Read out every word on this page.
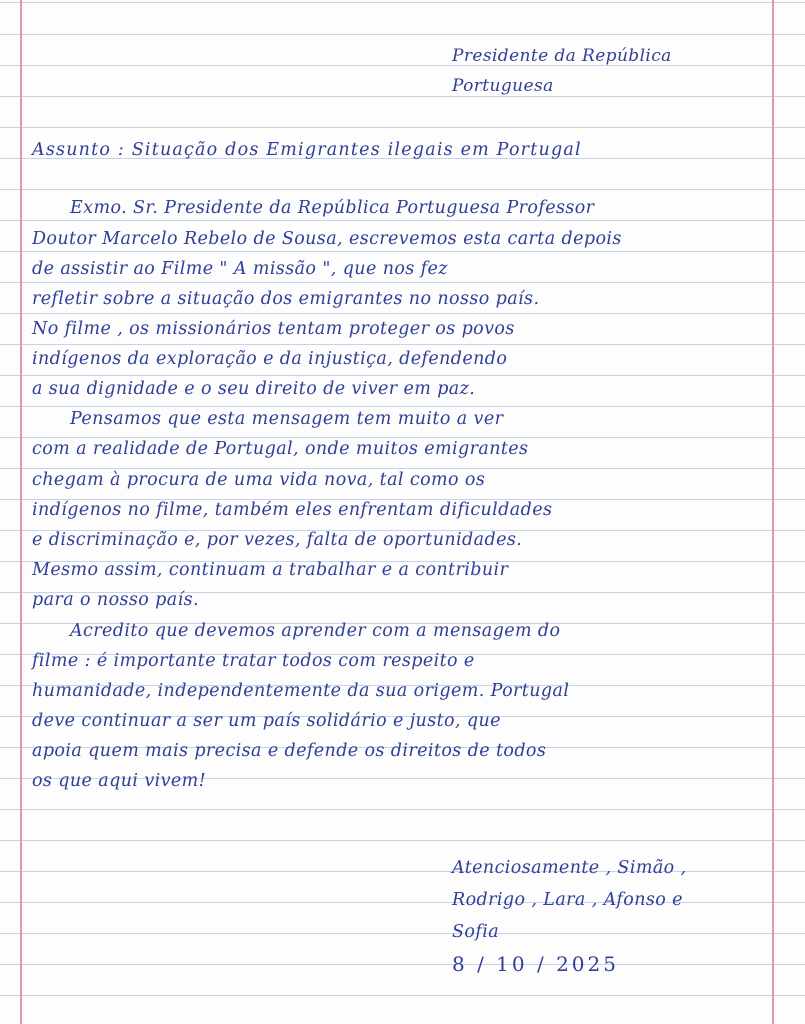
Presidente da República
Portuguesa
Assunto : Situação dos Emigrantes ilegais em Portugal
Exmo. Sr. Presidente da República Portuguesa Professor
Doutor Marcelo Rebelo de Sousa, escrevemos esta carta depois
de assistir ao Filme " A missão ", que nos fez
refletir sobre a situação dos emigrantes no nosso país.
No filme , os missionários tentam proteger os povos
indígenos da exploração e da injustiça, defendendo
a sua dignidade e o seu direito de viver em paz.
Pensamos que esta mensagem tem muito a ver
com a realidade de Portugal, onde muitos emigrantes
chegam à procura de uma vida nova, tal como os
indígenos no filme, também eles enfrentam dificuldades
e discriminação e, por vezes, falta de oportunidades.
Mesmo assim, continuam a trabalhar e a contribuir
para o nosso país.
Acredito que devemos aprender com a mensagem do
filme : é importante tratar todos com respeito e
humanidade, independentemente da sua origem. Portugal
deve continuar a ser um país solidário e justo, que
apoia quem mais precisa e defende os direitos de todos
os que aqui vivem!
Atenciosamente , Simão ,
Rodrigo , Lara , Afonso e
Sofia
8 / 10 / 2025
